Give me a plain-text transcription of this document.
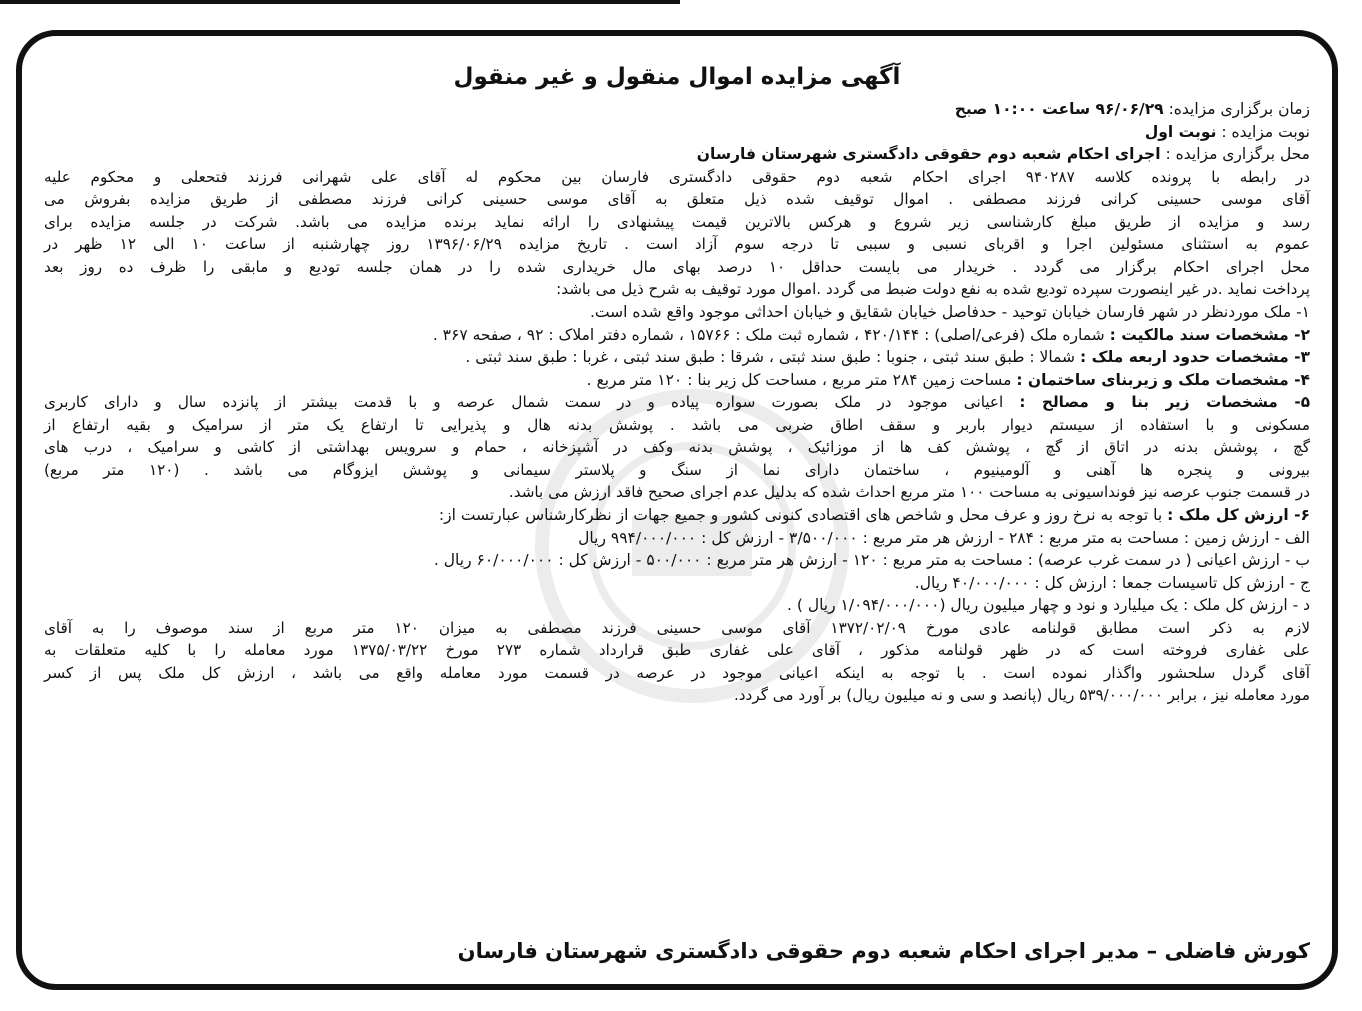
آگهی مزایده اموال منقول و غیر منقول
زمان برگزاری مزایده: ۹۶/۰۶/۲۹ ساعت ۱۰:۰۰ صبح
نوبت مزایده : نوبت اول
محل برگزاری مزایده : اجرای احکام شعبه دوم حقوقی دادگستری شهرستان فارسان
در رابطه با پرونده کلاسه ۹۴۰۲۸۷ اجرای احکام شعبه دوم حقوقی دادگستری فارسان بین محکوم له آقای علی شهرانی فرزند فتحعلی و محکوم علیه
آقای موسی حسینی کرانی فرزند مصطفی . اموال توقیف شده ذیل متعلق به آقای موسی حسینی کرانی فرزند مصطفی از طریق مزایده بفروش می
رسد و مزایده از طریق مبلغ کارشناسی زیر شروع و هرکس بالاترین قیمت پیشنهادی را ارائه نماید برنده مزایده می باشد. شرکت در جلسه مزایده برای
عموم به استثنای مسئولین اجرا و اقربای نسبی و سببی تا درجه سوم آزاد است . تاریخ مزایده ۱۳۹۶/۰۶/۲۹ روز چهارشنبه از ساعت ۱۰ الی ۱۲ ظهر در
محل اجرای احکام برگزار می گردد . خریدار می بایست حداقل ۱۰ درصد بهای مال خریداری شده را در همان جلسه تودیع و مابقی را ظرف ده روز بعد
پرداخت نماید .در غیر اینصورت سپرده تودیع شده به نفع دولت ضبط می گردد .اموال مورد توقیف به شرح ذیل می باشد:
۱- ملک موردنظر در شهر فارسان خیابان توحید - حدفاصل خیابان شقایق و خیابان احداثی موجود واقع شده است.
۲- مشخصات سند مالکیت : شماره ملک (فرعی/اصلی) : ۴۲۰/۱۴۴ ، شماره ثبت ملک : ۱۵۷۶۶ ، شماره دفتر املاک : ۹۲ ، صفحه ۳۶۷ .
۳- مشخصات حدود اربعه ملک : شمالا : طبق سند ثبتی ، جنوبا : طبق سند ثبتی ، شرقا : طبق سند ثبتی ، غربا : طبق سند ثبتی .
۴- مشخصات ملک و زیربنای ساختمان : مساحت زمین ۲۸۴ متر مربع ، مساحت کل زیر بنا : ۱۲۰ متر مربع .
۵- مشخصات زیر بنا و مصالح : اعیانی موجود در ملک بصورت سواره پیاده و در سمت شمال عرصه و با قدمت بیشتر از پانزده سال و دارای کاربری
مسکونی و با استفاده از سیستم دیوار باربر و سقف اطاق ضربی می باشد . پوشش بدنه هال و پذیرایی تا ارتفاع یک متر از سرامیک و بقیه ارتفاع از
گچ ، پوشش بدنه در اتاق از گچ ، پوشش کف ها از موزائیک ، پوشش بدنه وکف در آشپزخانه ، حمام و سرویس بهداشتی از کاشی و سرامیک ، درب های
بیرونی و پنجره ها آهنی و آلومینیوم ، ساختمان دارای نما از سنگ و پلاستر سیمانی و پوشش ایزوگام می باشد . (۱۲۰ متر مربع)
در قسمت جنوب عرصه نیز فونداسیونی به مساحت ۱۰۰ متر مربع احداث شده که بدلیل عدم اجرای صحیح فاقد ارزش می باشد.
۶- ارزش کل ملک : با توجه به نرخ روز و عرف محل و شاخص های اقتصادی کنونی کشور و جمیع جهات از نظرکارشناس عبارتست از:
الف - ارزش زمین : مساحت به متر مربع : ۲۸۴ - ارزش هر متر مربع : ۳/۵۰۰/۰۰۰ - ارزش کل : ۹۹۴/۰۰۰/۰۰۰ ریال
ب - ارزش اعیانی ( در سمت غرب عرصه) : مساحت به متر مربع : ۱۲۰ - ارزش هر متر مربع : ۵۰۰/۰۰۰ - ارزش کل : ۶۰/۰۰۰/۰۰۰ ریال .
ج - ارزش کل تاسیسات جمعا : ارزش کل : ۴۰/۰۰۰/۰۰۰ ریال.
د - ارزش کل ملک : یک میلیارد و نود و چهار میلیون ریال (۱/۰۹۴/۰۰۰/۰۰۰ ریال ) .
لازم به ذکر است مطابق قولنامه عادی مورخ ۱۳۷۲/۰۲/۰۹ آقای موسی حسینی فرزند مصطفی به میزان ۱۲۰ متر مربع از سند موصوف را به آقای
علی غفاری فروخته است که در ظهر قولنامه مذکور ، آقای علی غفاری طبق قرارداد شماره ۲۷۳ مورخ ۱۳۷۵/۰۳/۲۲ مورد معامله را با کلیه متعلقات به
آقای گردل سلحشور واگذار نموده است . با توجه به اینکه اعیانی موجود در عرصه در قسمت مورد معامله واقع می باشد ، ارزش کل ملک پس از کسر
مورد معامله نیز ، برابر ۵۳۹/۰۰۰/۰۰۰ ریال (پانصد و سی و نه میلیون ریال) بر آورد می گردد.
کورش فاضلی – مدیر اجرای احکام شعبه دوم حقوقی دادگستری شهرستان فارسان
